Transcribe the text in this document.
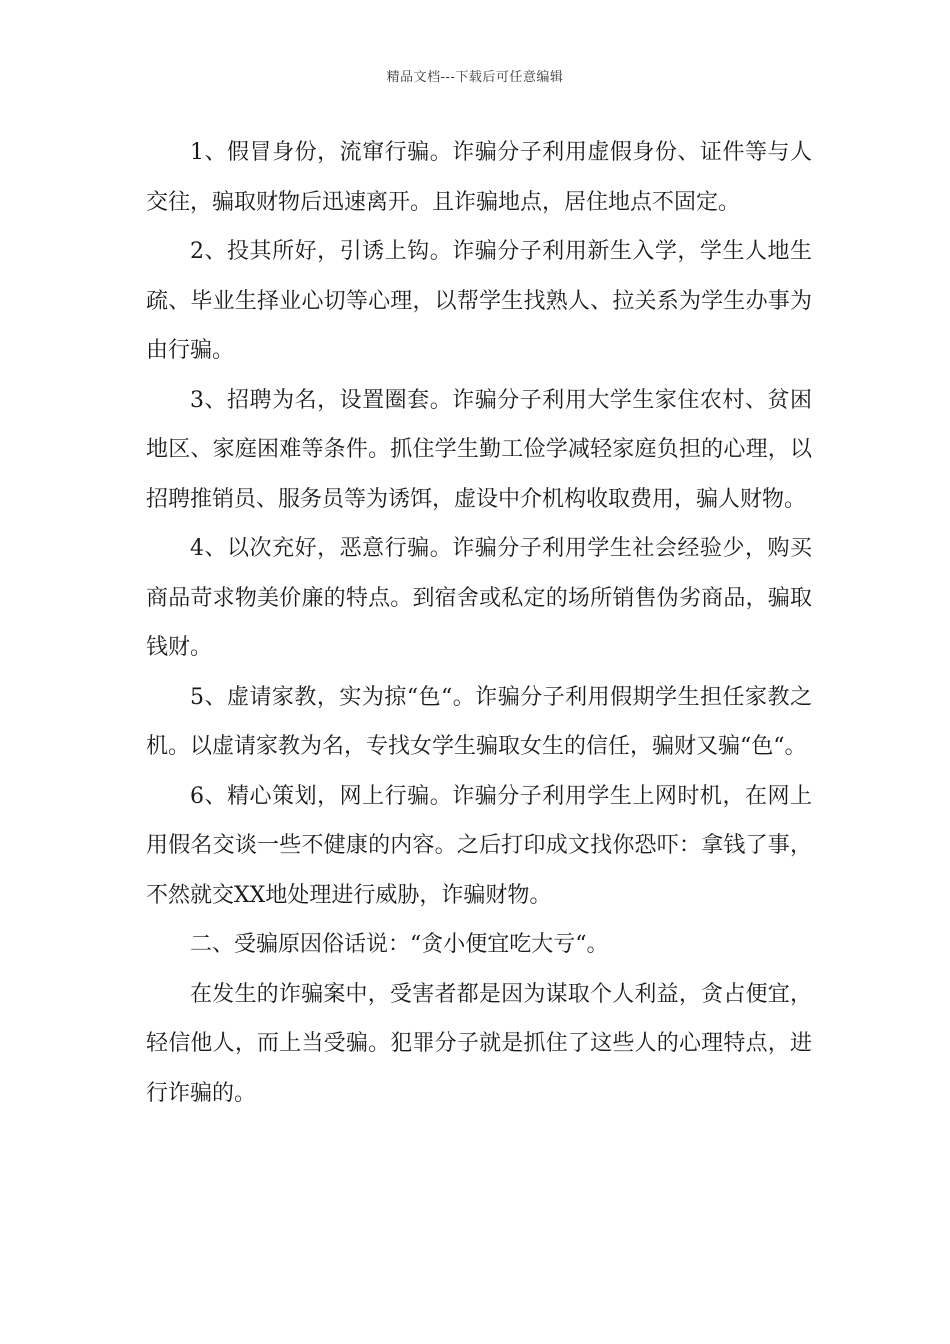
精品文档---下载后可任意编辑

1、假冒身份，流窜行骗。诈骗分子利用虚假身份、证件等与人交往，骗取财物后迅速离开。且诈骗地点，居住地点不固定。

2、投其所好，引诱上钩。诈骗分子利用新生入学，学生人地生疏、毕业生择业心切等心理，以帮学生找熟人、拉关系为学生办事为由行骗。

3、招聘为名，设置圈套。诈骗分子利用大学生家住农村、贫困地区、家庭困难等条件。抓住学生勤工俭学减轻家庭负担的心理，以招聘推销员、服务员等为诱饵，虚设中介机构收取费用，骗人财物。

4、以次充好，恶意行骗。诈骗分子利用学生社会经验少，购买商品苛求物美价廉的特点。到宿舍或私定的场所销售伪劣商品，骗取钱财。

5、虚请家教，实为掠“色“。诈骗分子利用假期学生担任家教之机。以虚请家教为名，专找女学生骗取女生的信任，骗财又骗“色“。

6、精心策划，网上行骗。诈骗分子利用学生上网时机，在网上用假名交谈一些不健康的内容。之后打印成文找你恐吓：拿钱了事，不然就交XX地处理进行威胁，诈骗财物。

二、受骗原因俗话说：“贪小便宜吃大亏“。

在发生的诈骗案中，受害者都是因为谋取个人利益，贪占便宜，轻信他人，而上当受骗。犯罪分子就是抓住了这些人的心理特点，进行诈骗的。
